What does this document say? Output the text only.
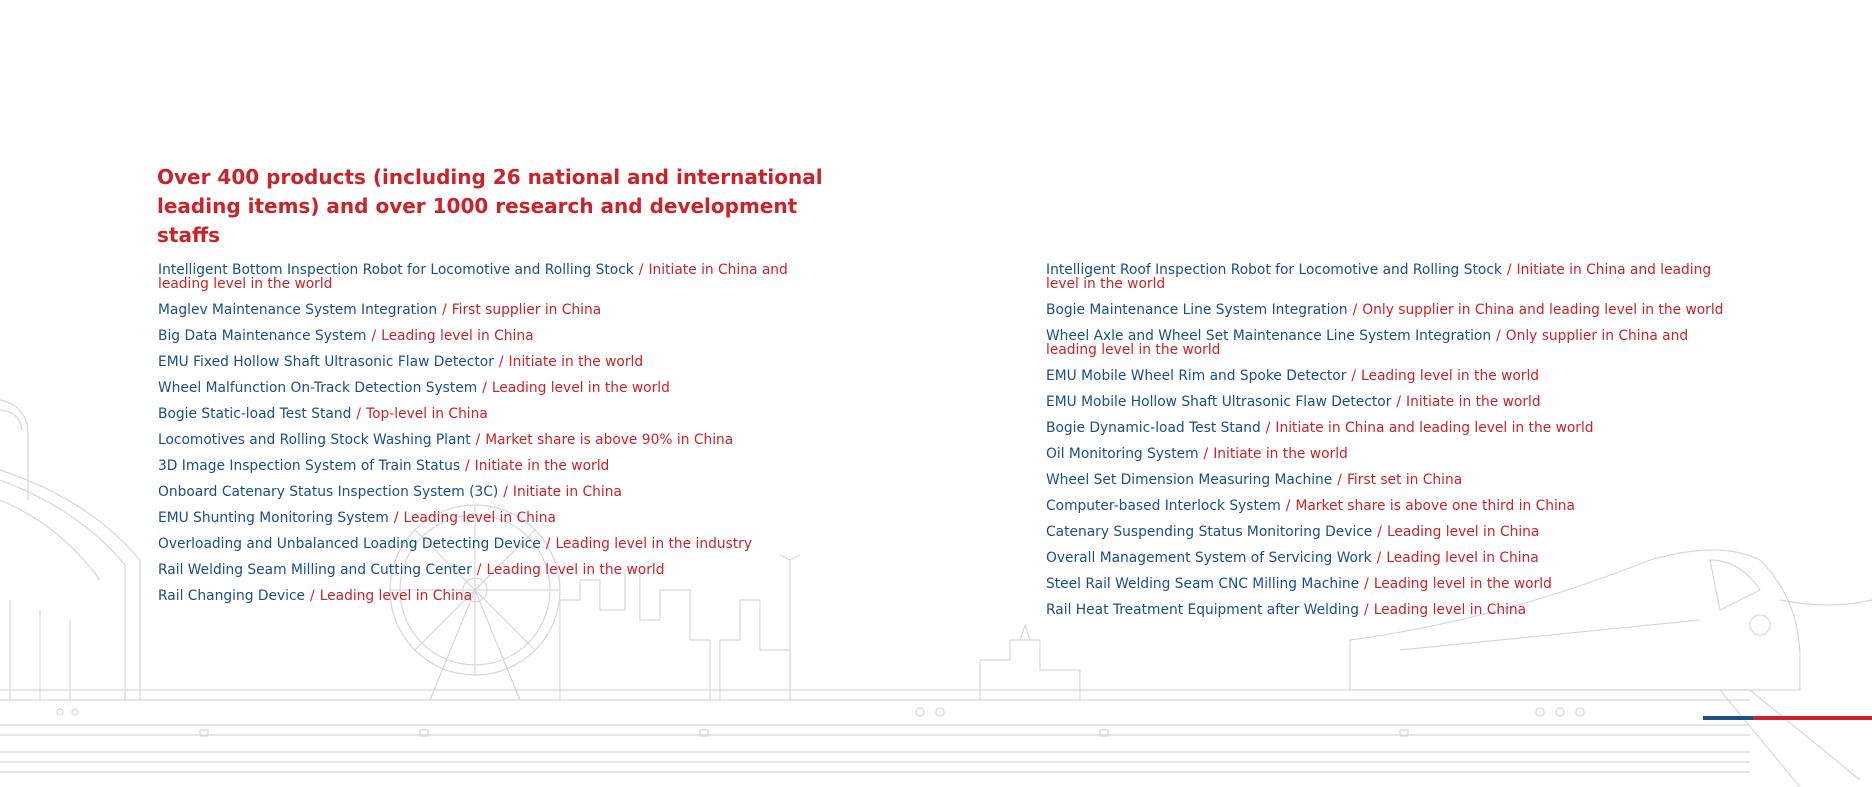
Over 400 products (including 26 national and international leading items) and over 1000 research and development staffs
Intelligent Bottom Inspection Robot for Locomotive and Rolling Stock / Initiate in China and leading level in the world
Maglev Maintenance System Integration / First supplier in China
Big Data Maintenance System / Leading level in China
EMU Fixed Hollow Shaft Ultrasonic Flaw Detector / Initiate in the world
Wheel Malfunction On-Track Detection System / Leading level in the world
Bogie Static-load Test Stand / Top-level in China
Locomotives and Rolling Stock Washing Plant / Market share is above 90% in China
3D Image Inspection System of Train Status / Initiate in the world
Onboard Catenary Status Inspection System (3C) / Initiate in China
EMU Shunting Monitoring System / Leading level in China
Overloading and Unbalanced Loading Detecting Device / Leading level in the industry
Rail Welding Seam Milling and Cutting Center / Leading level in the world
Rail Changing Device / Leading level in China
Intelligent Roof Inspection Robot for Locomotive and Rolling Stock / Initiate in China and leading level in the world
Bogie Maintenance Line System Integration / Only supplier in China and leading level in the world
Wheel Axle and Wheel Set Maintenance Line System Integration / Only supplier in China and leading level in the world
EMU Mobile Wheel Rim and Spoke Detector / Leading level in the world
EMU Mobile Hollow Shaft Ultrasonic Flaw Detector / Initiate in the world
Bogie Dynamic-load Test Stand / Initiate in China and leading level in the world
Oil Monitoring System / Initiate in the world
Wheel Set Dimension Measuring Machine / First set in China
Computer-based Interlock System / Market share is above one third in China
Catenary Suspending Status Monitoring Device / Leading level in China
Overall Management System of Servicing Work / Leading level in China
Steel Rail Welding Seam CNC Milling Machine / Leading level in the world
Rail Heat Treatment Equipment after Welding / Leading level in China
